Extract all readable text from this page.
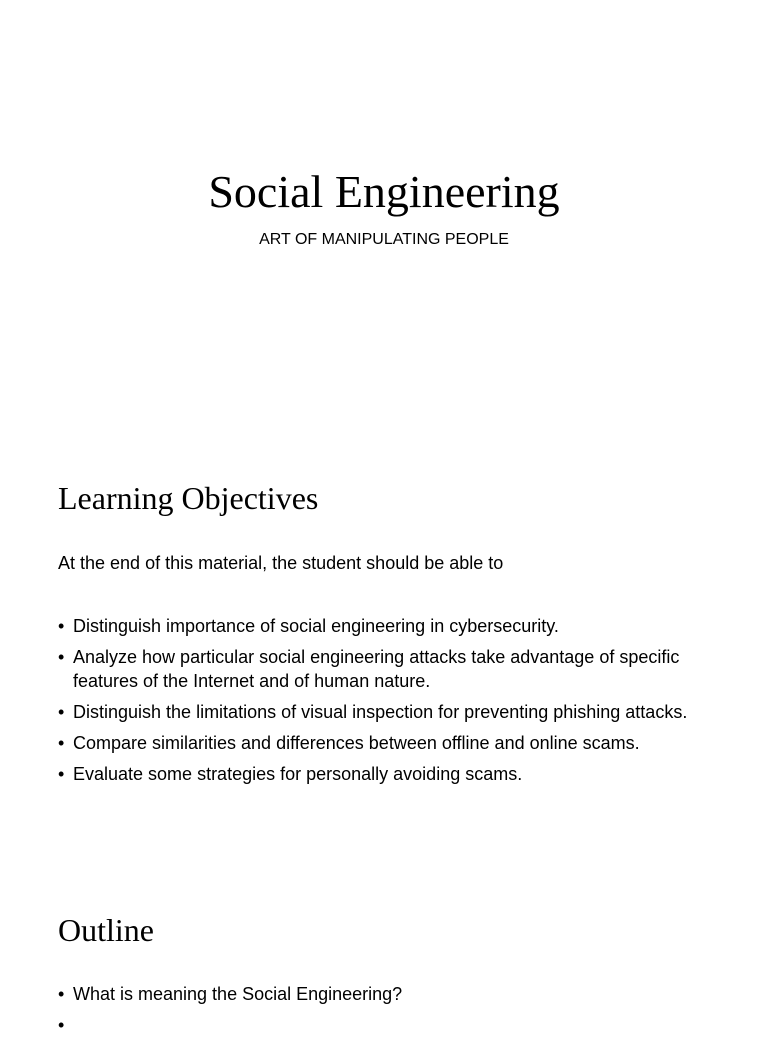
Social Engineering
ART OF MANIPULATING PEOPLE
Learning Objectives
At the end of this material, the student should be able to
• Distinguish importance of social engineering in cybersecurity.
• Analyze how particular social engineering attacks take advantage of specific features of the Internet and of human nature.
• Distinguish the limitations of visual inspection for preventing phishing attacks.
• Compare similarities and differences between offline and online scams.
• Evaluate some strategies for personally avoiding scams.
Outline
• What is meaning the Social Engineering?
•
